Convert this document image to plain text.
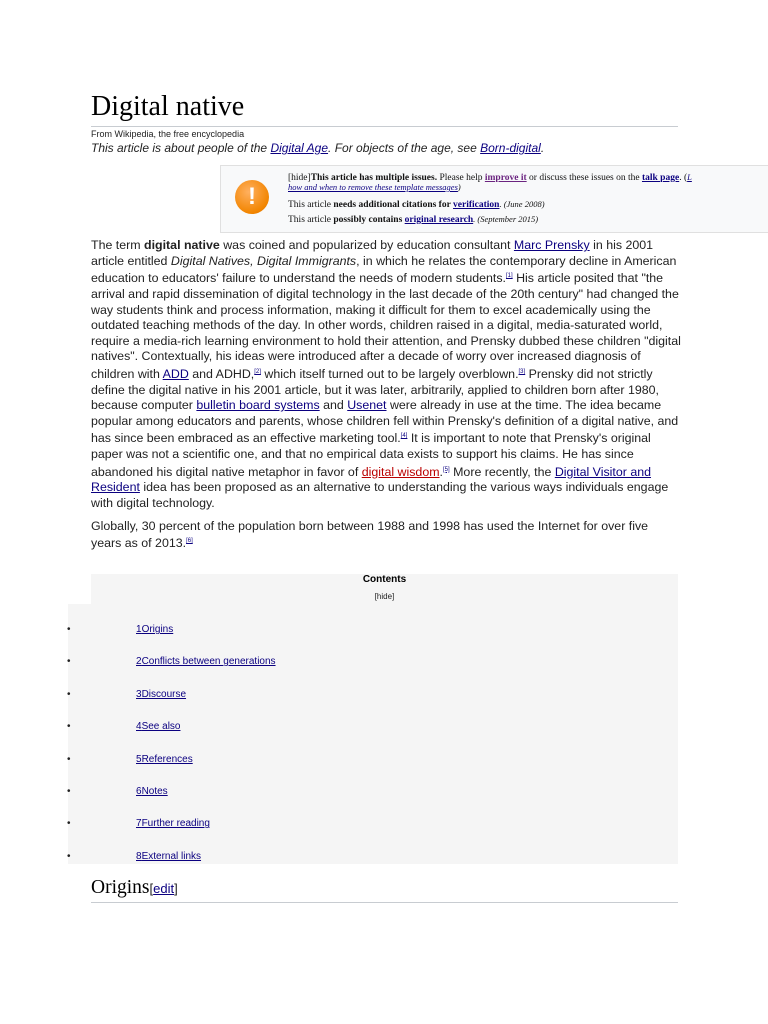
Digital native
From Wikipedia, the free encyclopedia
This article is about people of the Digital Age. For objects of the age, see Born-digital.
!
[hide]This article has multiple issues. Please help improve it or discuss these issues on the talk page. (L
how and when to remove these template messages)
This article needs additional citations for verification. (June 2008)
This article possibly contains original research. (September 2015)

The term digital native was coined and popularized by education consultant Marc Prensky in his 2001 article entitled Digital Natives, Digital Immigrants, in which he relates the contemporary decline in American education to educators' failure to understand the needs of modern students.[1] His article posited that "the arrival and rapid dissemination of digital technology in the last decade of the 20th century" had changed the way students think and process information, making it difficult for them to excel academically using the outdated teaching methods of the day. In other words, children raised in a digital, media-saturated world, require a media-rich learning environment to hold their attention, and Prensky dubbed these children "digital natives". Contextually, his ideas were introduced after a decade of worry over increased diagnosis of children with ADD and ADHD,[2] which itself turned out to be largely overblown.[3] Prensky did not strictly define the digital native in his 2001 article, but it was later, arbitrarily, applied to children born after 1980, because computer bulletin board systems and Usenet were already in use at the time. The idea became popular among educators and parents, whose children fell within Prensky's definition of a digital native, and has since been embraced as an effective marketing tool.[4] It is important to note that Prensky's original paper was not a scientific one, and that no empirical data exists to support his claims. He has since abandoned his digital native metaphor in favor of digital wisdom.[5] More recently, the Digital Visitor and Resident idea has been proposed as an alternative to understanding the various ways individuals engage with digital technology.

Globally, 30 percent of the population born between 1988 and 1998 has used the Internet for over five years as of 2013.[6]

Contents
[hide]
•	1Origins
•	2Conflicts between generations
•	3Discourse
•	4See also
•	5References
•	6Notes
•	7Further reading
•	8External links
Origins[edit]
